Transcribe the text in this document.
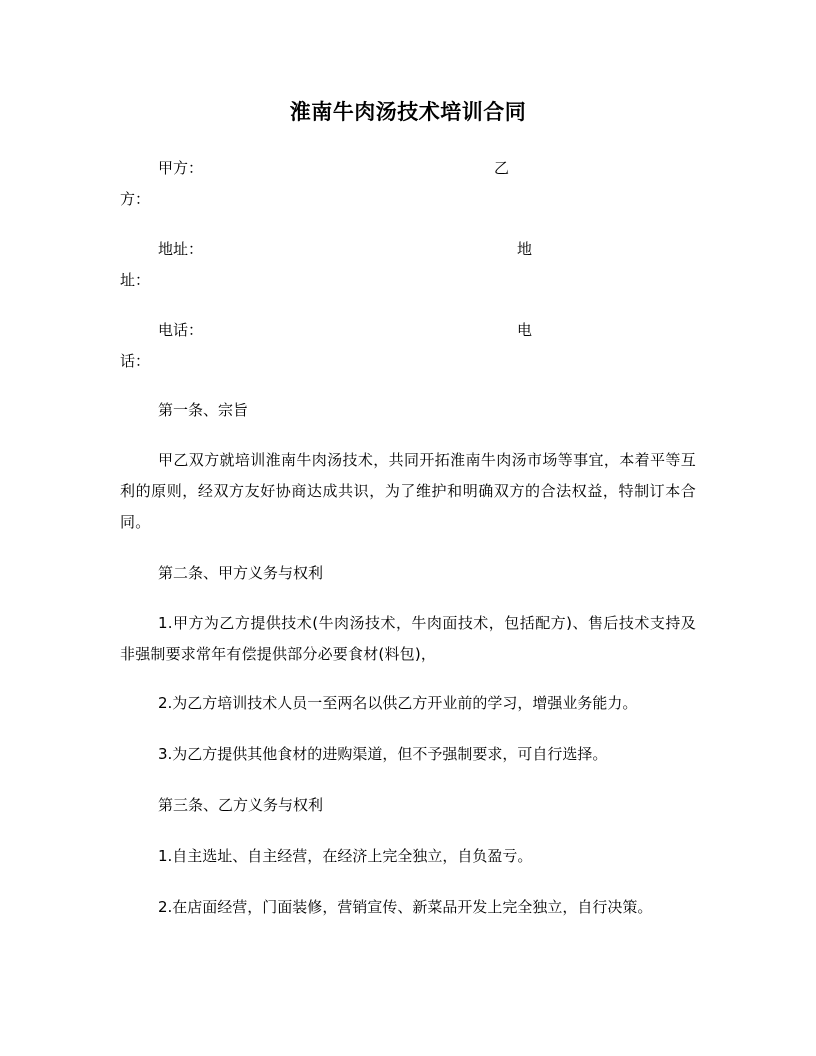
淮南牛肉汤技术培训合同
甲方：	乙
方：
地址：	地
址：
电话：	电
话：
第一条、宗旨
甲乙双方就培训淮南牛肉汤技术，共同开拓淮南牛肉汤市场等事宜，本着平等互利的原则，经双方友好协商达成共识，为了维护和明确双方的合法权益，特制订本合同。
第二条、甲方义务与权利
1.甲方为乙方提供技术(牛肉汤技术，牛肉面技术，包括配方)、售后技术支持及非强制要求常年有偿提供部分必要食材(料包)，
2.为乙方培训技术人员一至两名以供乙方开业前的学习，增强业务能力。
3.为乙方提供其他食材的进购渠道，但不予强制要求，可自行选择。
第三条、乙方义务与权利
1.自主选址、自主经营，在经济上完全独立，自负盈亏。
2.在店面经营，门面装修，营销宣传、新菜品开发上完全独立，自行决策。
